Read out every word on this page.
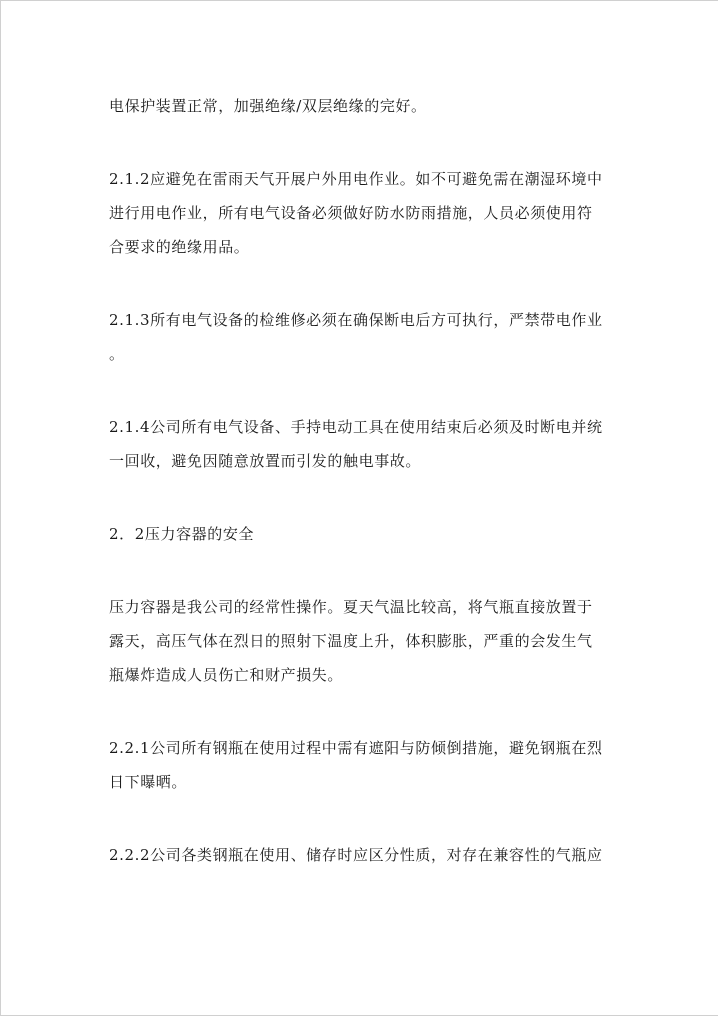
电保护装置正常，加强绝缘/双层绝缘的完好。

2.1.2应避免在雷雨天气开展户外用电作业。如不可避免需在潮湿环境中
进行用电作业，所有电气设备必须做好防水防雨措施，人员必须使用符
合要求的绝缘用品。

2.1.3所有电气设备的检维修必须在确保断电后方可执行，严禁带电作业
。

2.1.4公司所有电气设备、手持电动工具在使用结束后必须及时断电并统
一回收，避免因随意放置而引发的触电事故。

2．2压力容器的安全

压力容器是我公司的经常性操作。夏天气温比较高，将气瓶直接放置于
露天，高压气体在烈日的照射下温度上升，体积膨胀，严重的会发生气
瓶爆炸造成人员伤亡和财产损失。

2.2.1公司所有钢瓶在使用过程中需有遮阳与防倾倒措施，避免钢瓶在烈
日下曝晒。

2.2.2公司各类钢瓶在使用、储存时应区分性质，对存在兼容性的气瓶应
